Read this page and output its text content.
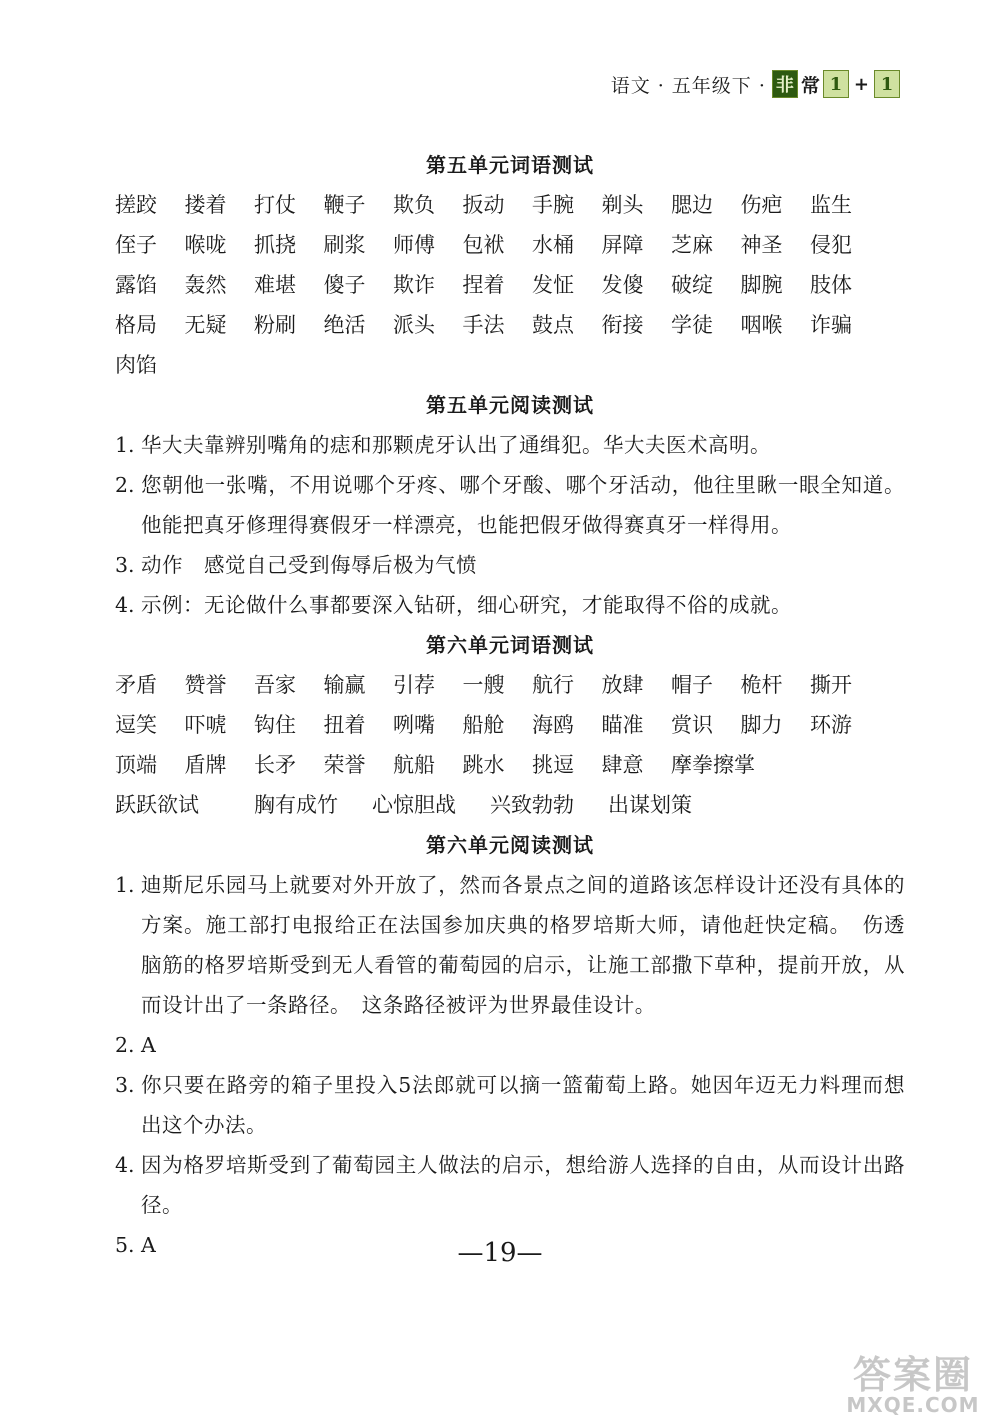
语文 · 五年级下 · 非 常 1 + 1
第五单元词语测试
搓跤	搂着	打仗	鞭子	欺负	扳动	手腕	剃头	腮边	伤疤	监生
侄子	喉咙	抓挠	刷浆	师傅	包袱	水桶	屏障	芝麻	神圣	侵犯
露馅	轰然	难堪	傻子	欺诈	捏着	发怔	发傻	破绽	脚腕	肢体
格局	无疑	粉刷	绝活	派头	手法	鼓点	衔接	学徒	咽喉	诈骗
肉馅
第五单元阅读测试
1. 华大夫靠辨别嘴角的痣和那颗虎牙认出了通缉犯。华大夫医术高明。
2. 您朝他一张嘴，不用说哪个牙疼、哪个牙酸、哪个牙活动，他往里瞅一眼全知道。他能把真牙修理得赛假牙一样漂亮，也能把假牙做得赛真牙一样得用。
3. 动作　感觉自己受到侮辱后极为气愤
4. 示例：无论做什么事都要深入钻研，细心研究，才能取得不俗的成就。
第六单元词语测试
矛盾	赞誉	吾家	输赢	引荐	一艘	航行	放肆	帽子	桅杆	撕开
逗笑	吓唬	钩住	扭着	咧嘴	船舱	海鸥	瞄准	赏识	脚力	环游
顶端	盾牌	长矛	荣誉	航船	跳水	挑逗	肆意	摩拳擦掌
跃跃欲试	胸有成竹	心惊胆战	兴致勃勃	出谋划策
第六单元阅读测试
1. 迪斯尼乐园马上就要对外开放了，然而各景点之间的道路该怎样设计还没有具体的方案。施工部打电报给正在法国参加庆典的格罗培斯大师，请他赶快定稿。　伤透脑筋的格罗培斯受到无人看管的葡萄园的启示，让施工部撒下草种，提前开放，从而设计出了一条路径。　这条路径被评为世界最佳设计。
2. A
3. 你只要在路旁的箱子里投入5法郎就可以摘一篮葡萄上路。她因年迈无力料理而想出这个办法。
4. 因为格罗培斯受到了葡萄园主人做法的启示，想给游人选择的自由，从而设计出路径。
5. A	—19—
答案圈
MXQE.COM
